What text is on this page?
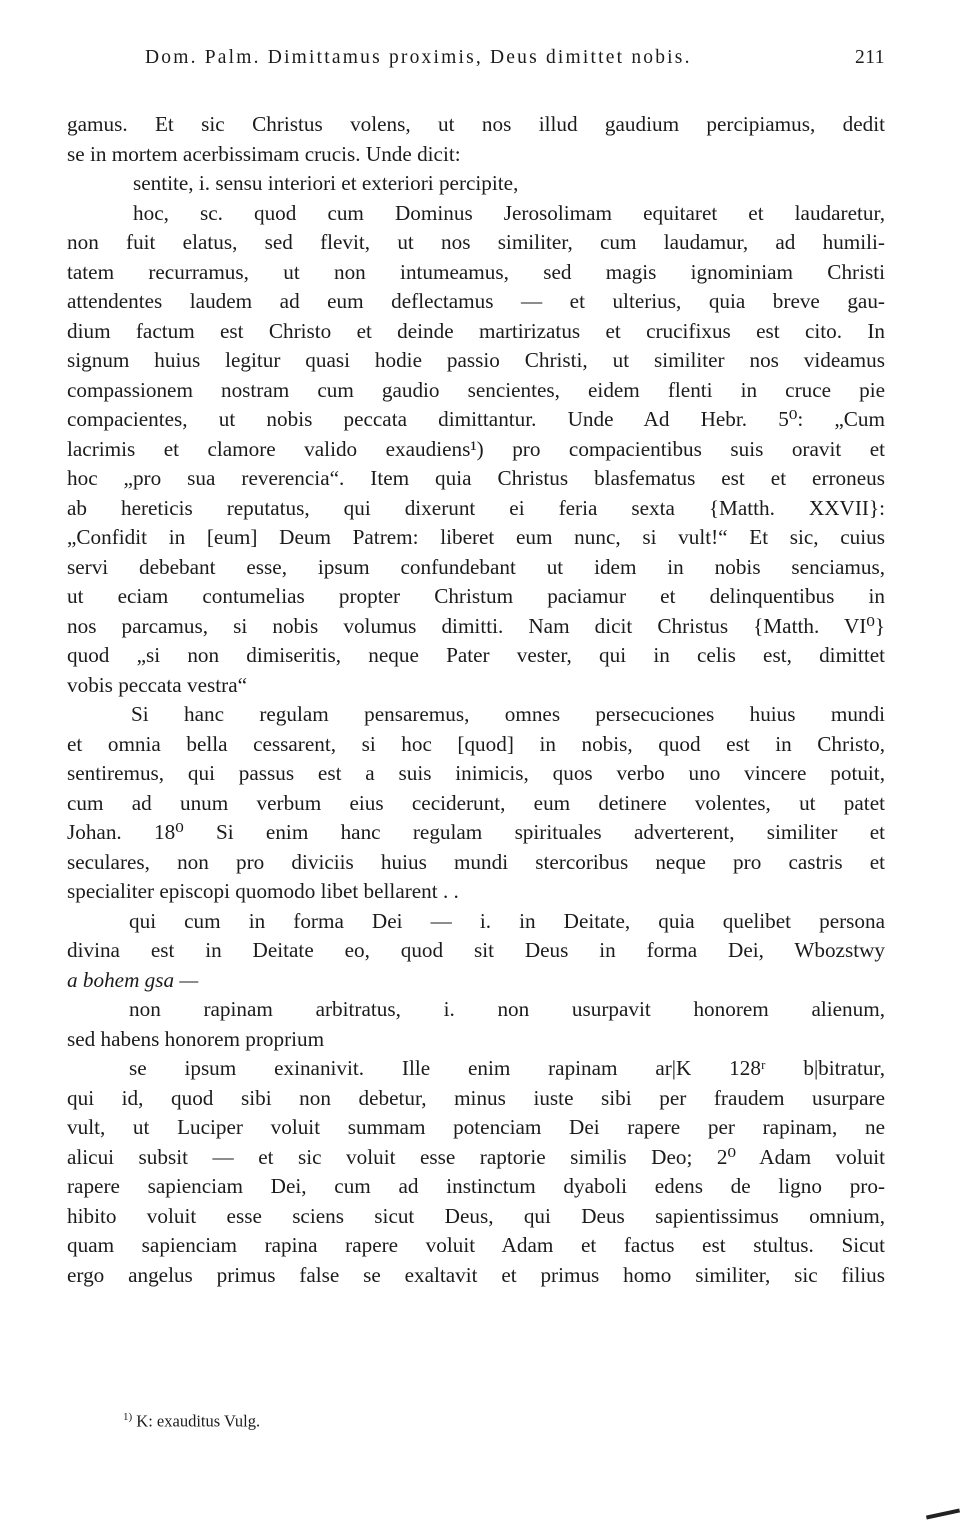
Dom. Palm. Dimittamus proximis, Deus dimittet nobis.	211
gamus. Et sic Christus volens, ut nos illud gaudium percipiamus, dedit
se in mortem acerbissimam crucis. Unde dicit:
sentite, i. sensu interiori et exteriori percipite,
hoc, sc. quod cum Dominus Jerosolimam equitaret et laudaretur,
non fuit elatus, sed flevit, ut nos similiter, cum laudamur, ad humili-
tatem recurramus, ut non intumeamus, sed magis ignominiam Christi
attendentes laudem ad eum deflectamus — et ulterius, quia breve gau-
dium factum est Christo et deinde martirizatus et crucifixus est cito. In
signum huius legitur quasi hodie passio Christi, ut similiter nos videamus
compassionem nostram cum gaudio sencientes, eidem flenti in cruce pie
compacientes, ut nobis peccata dimittantur. Unde Ad Hebr. 5⁰: „Cum
lacrimis et clamore valido exaudiens¹) pro compacientibus suis oravit et
hoc „pro sua reverencia“. Item quia Christus blasfematus est et erroneus
ab hereticis reputatus, qui dixerunt ei feria sexta {Matth. XXVII}:
„Confidit in [eum] Deum Patrem: liberet eum nunc, si vult!“ Et sic, cuius
servi debebant esse, ipsum confundebant ut idem in nobis senciamus,
ut eciam contumelias propter Christum paciamur et delinquentibus in
nos parcamus, si nobis volumus dimitti. Nam dicit Christus {Matth. VI⁰}
quod „si non dimiseritis, neque Pater vester, qui in celis est, dimittet
vobis peccata vestra“
Si hanc regulam pensaremus, omnes persecuciones huius mundi
et omnia bella cessarent, si hoc [quod] in nobis, quod est in Christo,
sentiremus, qui passus est a suis inimicis, quos verbo uno vincere potuit,
cum ad unum verbum eius ceciderunt, eum detinere volentes, ut patet
Johan. 18⁰ Si enim hanc regulam spirituales adverterent, similiter et
seculares, non pro diviciis huius mundi stercoribus neque pro castris et
specialiter episcopi quomodo libet bellarent . .
qui cum in forma Dei — i. in Deitate, quia quelibet persona
divina est in Deitate eo, quod sit Deus in forma Dei, Wbozstwy
a bohem gsa —
non rapinam arbitratus, i. non usurpavit honorem alienum,
sed habens honorem proprium
se ipsum exinanivit. Ille enim rapinam ar|K 128ʳ b|bitratur,
qui id, quod sibi non debetur, minus iuste sibi per fraudem usurpare
vult, ut Luciper voluit summam potenciam Dei rapere per rapinam, ne
alicui subsit — et sic voluit esse raptorie similis Deo; 2⁰ Adam voluit
rapere sapienciam Dei, cum ad instinctum dyaboli edens de ligno pro-
hibito voluit esse sciens sicut Deus, qui Deus sapientissimus omnium,
quam sapienciam rapina rapere voluit Adam et factus est stultus. Sicut
ergo angelus primus false se exaltavit et primus homo similiter, sic filius
$^{1)}$ K: exauditus Vulg.
